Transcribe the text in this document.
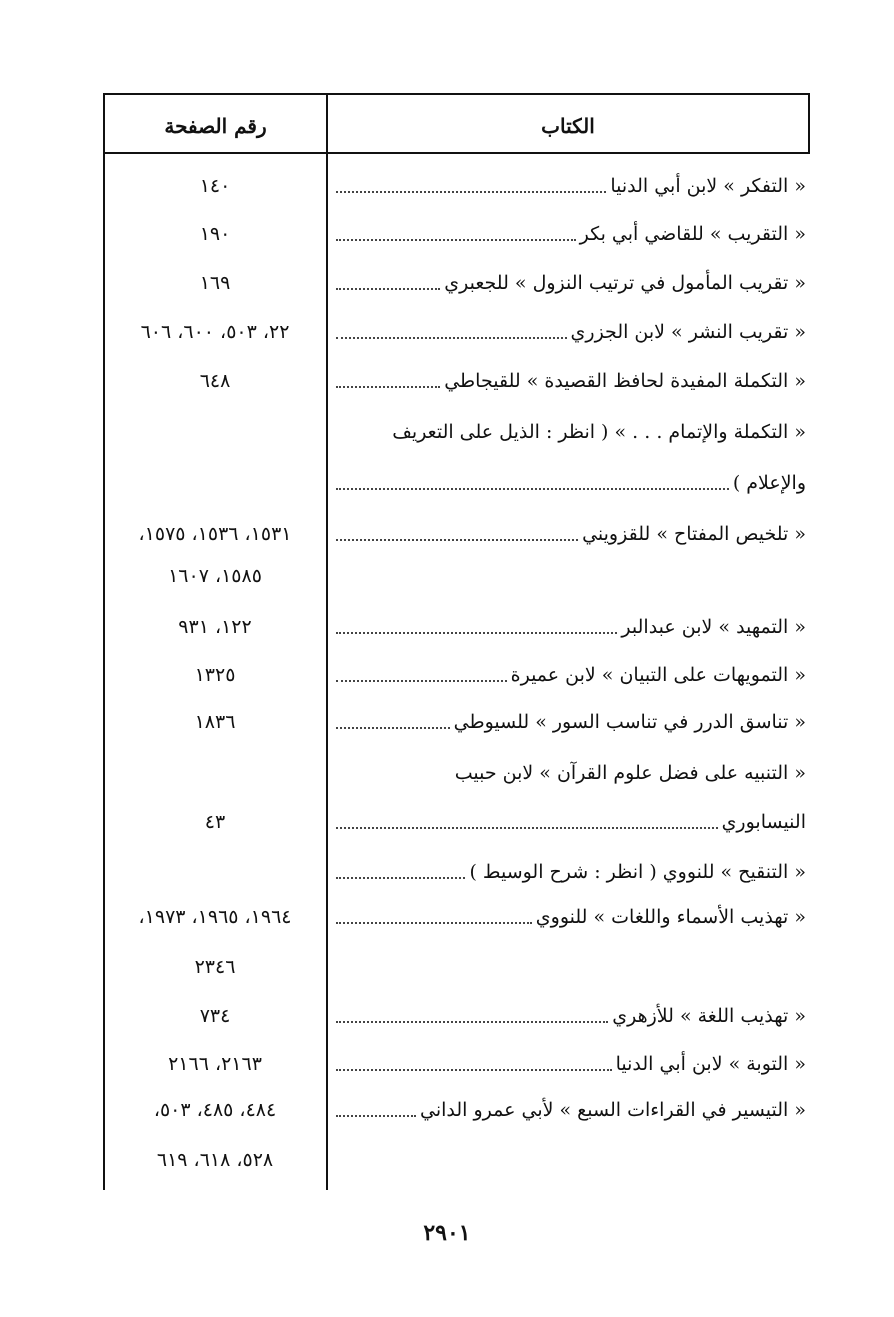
الكتاب
رقم الصفحة
« التفكر » لابن أبي الدنيا
١٤٠
« التقريب » للقاضي أبي بكر
١٩٠
« تقريب المأمول في ترتيب النزول » للجعبري
١٦٩
« تقريب النشر » لابن الجزري
٢٢، ٥٠٣، ٦٠٠، ٦٠٦
« التكملة المفيدة لحافظ القصيدة » للقيجاطي
٦٤٨
« التكملة والإتمام . . . » ( انظر : الذيل على التعريف
والإعلام )
« تلخيص المفتاح » للقزويني
١٥٣١، ١٥٣٦، ١٥٧٥،
١٥٨٥، ١٦٠٧
« التمهيد » لابن عبدالبر
١٢٢، ٩٣١
« التمويهات على التبيان » لابن عميرة
١٣٢٥
« تناسق الدرر في تناسب السور » للسيوطي
١٨٣٦
« التنبيه على فضل علوم القرآن » لابن حبيب
النيسابوري
٤٣
« التنقيح » للنووي ( انظر : شرح الوسيط )
« تهذيب الأسماء واللغات » للنووي
١٩٦٤، ١٩٦٥، ١٩٧٣،
٢٣٤٦
« تهذيب اللغة » للأزهري
٧٣٤
« التوبة » لابن أبي الدنيا
٢١٦٣، ٢١٦٦
« التيسير في القراءات السبع » لأبي عمرو الداني
٤٨٤، ٤٨٥، ٥٠٣،
٥٢٨، ٦١٨، ٦١٩
٢٩٠١
